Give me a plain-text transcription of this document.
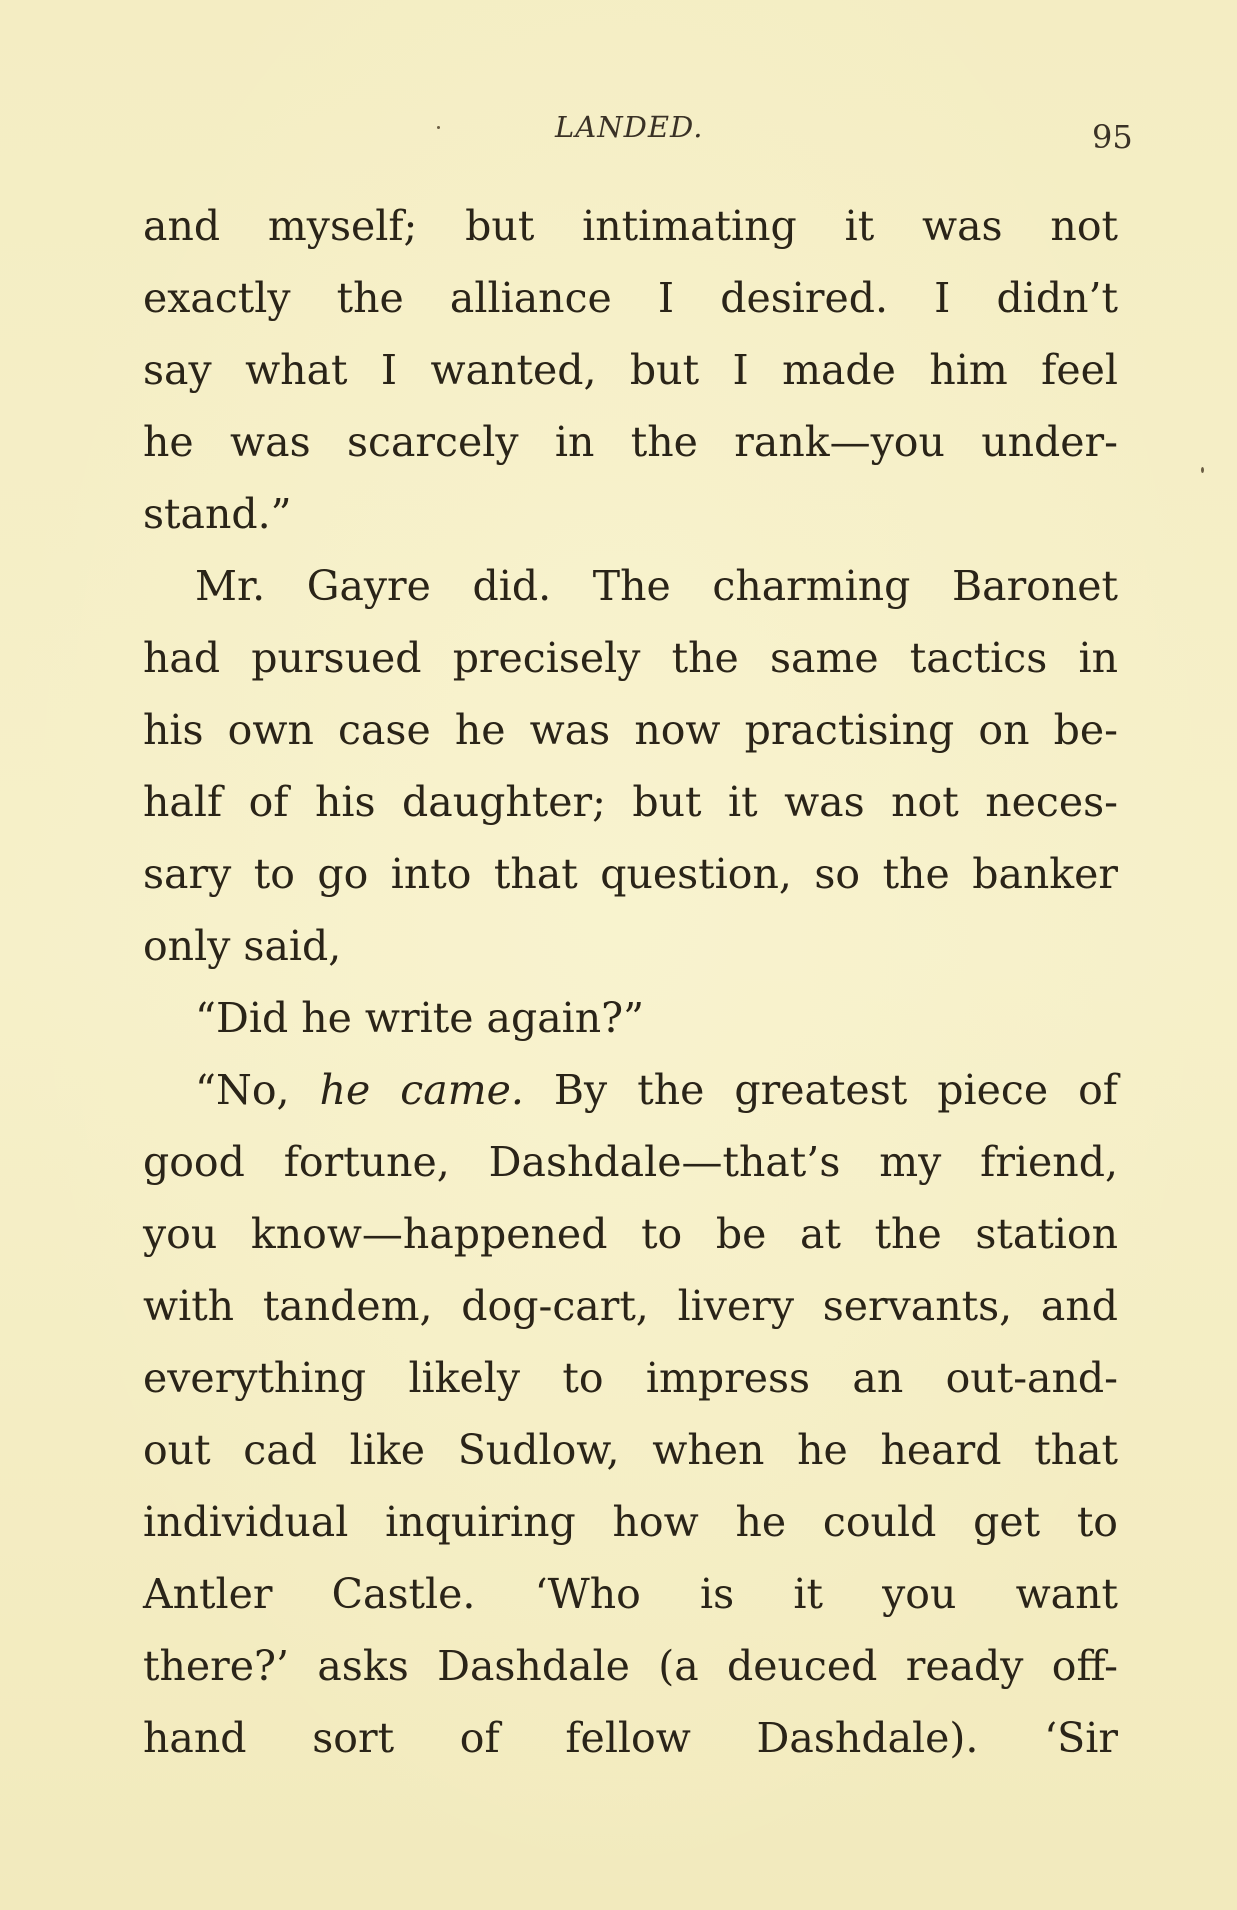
LANDED.	95
and myself; but intimating it was not
exactly the alliance I desired. I didn’t
say what I wanted, but I made him feel
he was scarcely in the rank—you under-
stand.”
Mr. Gayre did. The charming Baronet
had pursued precisely the same tactics in
his own case he was now practising on be-
half of his daughter; but it was not neces-
sary to go into that question, so the banker
only said,
“Did he write again?”
“No, he came. By the greatest piece of
good fortune, Dashdale—that’s my friend,
you know—happened to be at the station
with tandem, dog-cart, livery servants, and
everything likely to impress an out-and-
out cad like Sudlow, when he heard that
individual inquiring how he could get to
Antler Castle. ‘Who is it you want
there?’ asks Dashdale (a deuced ready off-
hand sort of fellow Dashdale). ‘Sir
